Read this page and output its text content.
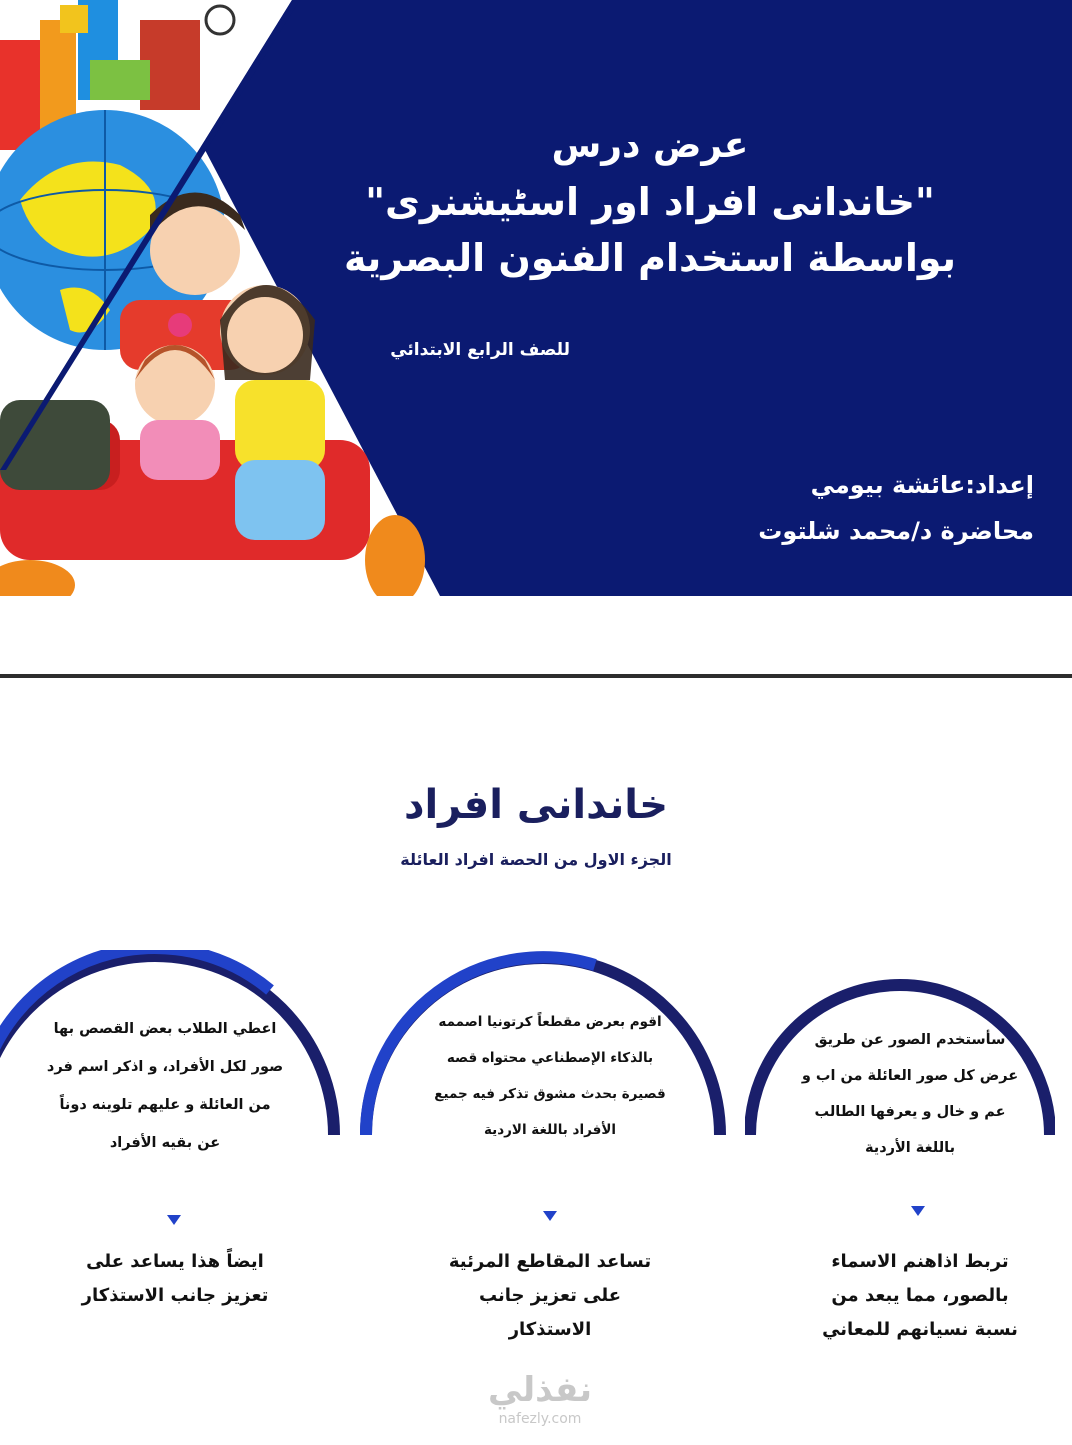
عرض درس
"خاندانى افراد اور اسٹیشنری"
بواسطة استخدام الفنون البصرية
للصف الرابع الابتدائي
إعداد:عائشة بيومي
محاضرة د/محمد شلتوت
خاندانى افراد
الجزء الاول من الحصة افراد العائلة
سأستخدم الصور عن طريق
عرض كل صور العائلة من اب و
عم و خال و يعرفها الطالب
باللغة الأردية
تربط اذاهنم الاسماء
بالصور، مما يبعد من
نسبة نسيانهم للمعاني
اقوم بعرض مقطعاً كرتونيا اصممه
بالذكاء الإصطناعي محتواه قصه
قصيرة بحدث مشوق تذكر فيه جميع
الأفراد باللغة الاردية
تساعد المقاطع المرئية
على تعزيز جانب
الاستذكار
اعطي الطلاب بعض القصص بها
صور لكل الأفراد، و اذكر اسم فرد
من العائلة و عليهم تلوينه دوناً
عن بقيه الأفراد
ايضاً هذا يساعد على
تعزيز جانب الاستذكار
نفذلي
nafezly.com
